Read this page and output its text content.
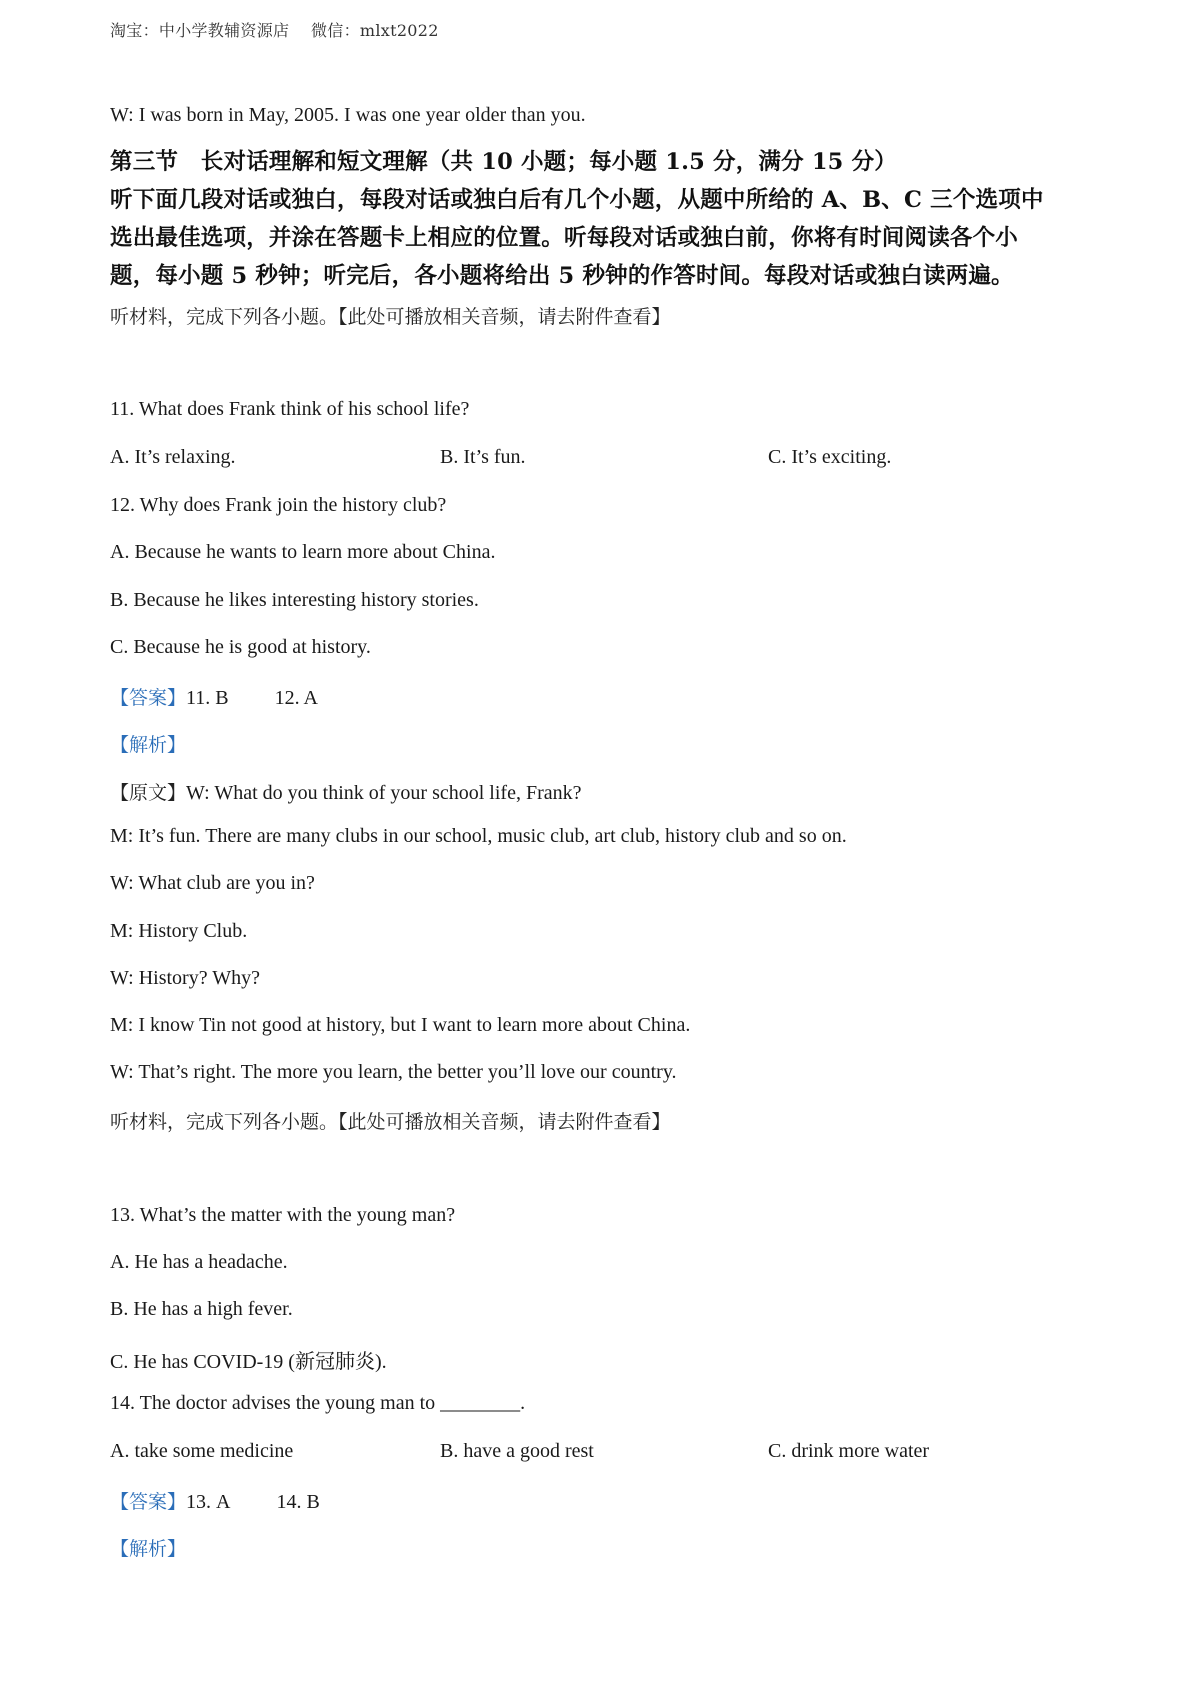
淘宝：中小学教辅资源店　 微信：mlxt2022
W: I was born in May, 2005. I was one year older than you.
第三节　长对话理解和短文理解（共 10 小题；每小题 1.5 分，满分 15 分）
听下面几段对话或独白，每段对话或独白后有几个小题，从题中所给的 A、B、C 三个选项中
选出最佳选项，并涂在答题卡上相应的位置。听每段对话或独白前，你将有时间阅读各个小
题，每小题 5 秒钟；听完后，各小题将给出 5 秒钟的作答时间。每段对话或独白读两遍。
听材料，完成下列各小题。【此处可播放相关音频，请去附件查看】
11. What does Frank think of his school life?
A. It’s relaxing.	B. It’s fun.	C. It’s exciting.
12. Why does Frank join the history club?
A. Because he wants to learn more about China.
B. Because he likes interesting history stories.
C. Because he is good at history.
【答案】11. B 12. A
【解析】
【原文】W: What do you think of your school life, Frank?
M: It’s fun. There are many clubs in our school, music club, art club, history club and so on.
W: What club are you in?
M: History Club.
W: History? Why?
M: I know Tin not good at history, but I want to learn more about China.
W: That’s right. The more you learn, the better you’ll love our country.
听材料，完成下列各小题。【此处可播放相关音频，请去附件查看】
13. What’s the matter with the young man?
A. He has a headache.
B. He has a high fever.
C. He has COVID-19 (新冠肺炎).
14. The doctor advises the young man to ________.
A. take some medicine	B. have a good rest	C. drink more water
【答案】13. A 14. B
【解析】
